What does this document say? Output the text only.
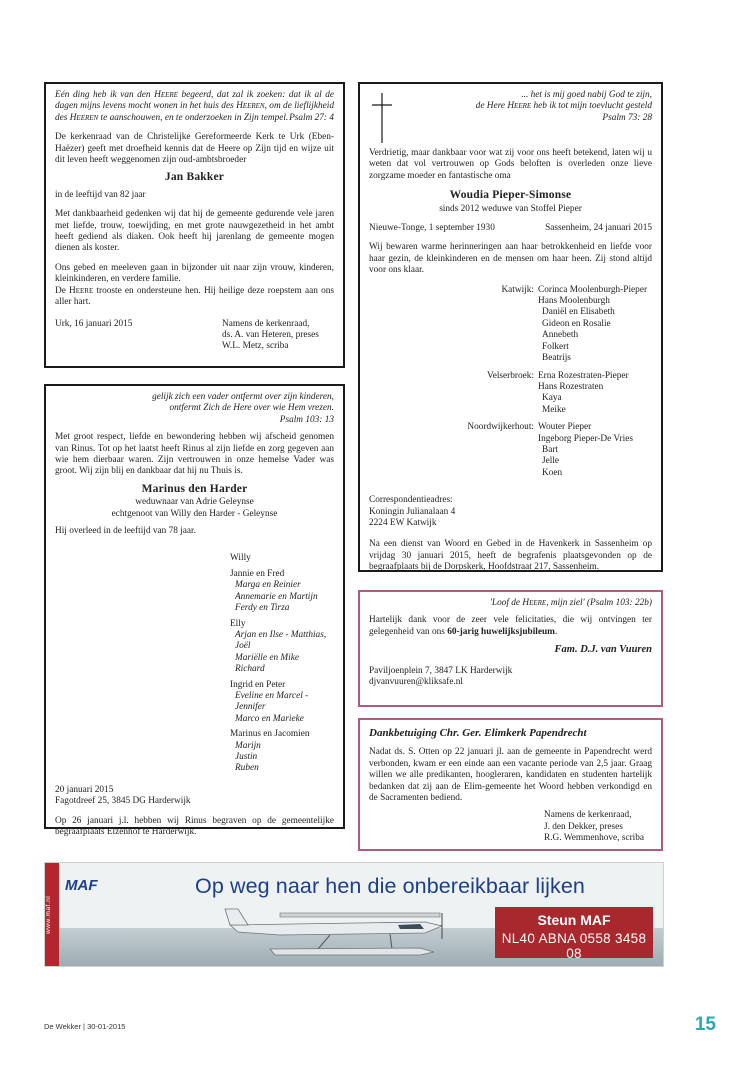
Eén ding heb ik van den Heere begeerd, dat zal ik zoeken: dat ik al de dagen mijns levens mocht wonen in het huis des Heeren, om de lieflijkheid des Heeren te aanschouwen, en te onderzoeken in Zijn tempel. Psalm 27: 4

De kerkenraad van de Christelijke Gereformeerde Kerk te Urk (Eben-Haëzer) geeft met droefheid kennis dat de Heere op Zijn tijd en wijze uit dit leven heeft weggenomen zijn oud-ambtsbroeder

Jan Bakker

in de leeftijd van 82 jaar

Met dankbaarheid gedenken wij dat hij de gemeente gedurende vele jaren met liefde, trouw, toewijding, en met grote nauwgezetheid in het ambt heeft gediend als diaken. Ook heeft hij jarenlang de gemeente mogen dienen als koster.

Ons gebed en meeleven gaan in bijzonder uit naar zijn vrouw, kinderen, kleinkinderen, en verdere familie.

De Heere trooste en ondersteune hen. Hij heilige deze roepstem aan ons aller hart.

Urk, 16 januari 2015	Namens de kerkenraad,
ds. A. van Heteren, preses
W.L. Metz, scriba
gelijk zich een vader ontfermt over zijn kinderen,
ontfermt Zich de Here over wie Hem vrezen.
Psalm 103: 13

Met groot respect, liefde en bewondering hebben wij afscheid genomen van Rinus. Tot op het laatst heeft Rinus al zijn liefde en zorg gegeven aan wie hem dierbaar waren. Zijn vertrouwen in onze hemelse Vader was groot. Wij zijn blij en dankbaar dat hij nu Thuis is.

Marinus den Harder
weduwnaar van Adrie Geleynse
echtgenoot van Willy den Harder - Geleynse

Hij overleed in de leeftijd van 78 jaar.

Willy
Jannie en Fred
Marga en Reinier
Annemarie en Martijn
Ferdy en Tirza
Elly
Arjan en Ilse - Matthias, Joël
Mariëlle en Mike
Richard
Ingrid en Peter
Eveline en Marcel - Jennifer
Marco en Marieke
Marinus en Jacomien
Marijn
Justin
Ruben
20 januari 2015
Fagotdreef 25, 3845 DG Harderwijk

Op 26 januari j.l. hebben wij Rinus begraven op de gemeentelijke begraafplaats Elzenhof te Harderwijk.

... het is mij goed nabij God te zijn,
de Here Heere heb ik tot mijn toevlucht gesteld
Psalm 73: 28

Verdrietig, maar dankbaar voor wat zij voor ons heeft betekend, laten wij u weten dat vol vertrouwen op Gods beloften is overleden onze lieve zorgzame moeder en fantastische oma

Woudia Pieper-Simonse
sinds 2012 weduwe van Stoffel Pieper
Nieuwe-Tonge, 1 september 1930	Sassenheim, 24 januari 2015

Wij bewaren warme herinneringen aan haar betrokkenheid en liefde voor haar gezin, de kleinkinderen en de mensen om haar heen. Zij stond altijd voor ons klaar.

Katwijk: Corinca Moolenburgh-Pieper
Hans Moolenburgh
Daniël en Elisabeth
Gideon en Rosalie
Annebeth
Folkert
Beatrijs
Velserbroek: Erna Rozestraten-Pieper
Hans Rozestraten
Kaya
Meike
Noordwijkerhout: Wouter Pieper
Ingeborg Pieper-De Vries
Bart
Jelle
Koen
Correspondentieadres:
Koningin Julianalaan 4
2224 EW Katwijk

Na een dienst van Woord en Gebed in de Havenkerk in Sassenheim op vrijdag 30 januari 2015, heeft de begrafenis plaatsgevonden op de begraafplaats bij de Dorpskerk, Hoofdstraat 217, Sassenheim.

'Loof de Heere, mijn ziel' (Psalm 103: 22b)

Hartelijk dank voor de zeer vele felicitaties, die wij ontvingen ter gelegenheid van ons 60-jarig huwelijksjubileum.

Fam. D.J. van Vuuren
Paviljoenplein 7, 3847 LK Harderwijk
djvanvuuren@kliksafe.nl
Dankbetuiging Chr. Ger. Elimkerk Papendrecht

Nadat ds. S. Otten op 22 januari jl. aan de gemeente in Papendrecht werd verbonden, kwam er een einde aan een vacante periode van 2,5 jaar. Graag willen we alle predikanten, hoogleraren, kandidaten en studenten hartelijk bedanken dat zij aan de Elim-gemeente het Woord hebben verkondigd en de Sacramenten bediend.

Namens de kerkenraad,
J. den Dekker, preses
R.G. Wemmenhove, scriba
www.maf.nl
MAF	Op weg naar hen die onbereikbaar lijken
Steun MAF
NL40 ABNA 0558 3458 08
De Wekker | 30-01-2015	15
